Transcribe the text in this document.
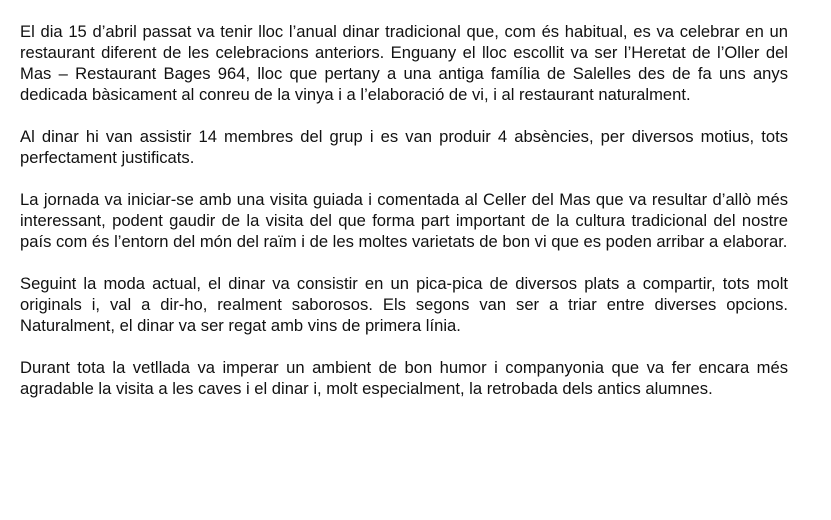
El dia 15 d’abril passat va tenir lloc l’anual dinar tradicional que, com és habitual, es va celebrar en un restaurant diferent de les celebracions anteriors. Enguany el lloc escollit va ser l’Heretat de l’Oller del Mas – Restaurant Bages 964, lloc que pertany a una antiga família de Salelles des de fa uns anys dedicada bàsicament al conreu de la vinya i a l’elaboració de vi, i al restaurant naturalment.

Al dinar hi van assistir 14 membres del grup i es van produir 4 absències, per diversos motius, tots perfectament justificats.

La jornada va iniciar-se amb una visita guiada i comentada al Celler del Mas que va resultar d’allò més interessant, podent gaudir de la visita del que forma part important de la cultura tradicional del nostre país com és l’entorn del món del raïm i de les moltes varietats de bon vi que es poden arribar a elaborar.

Seguint la moda actual, el dinar va consistir en un pica-pica de diversos plats a compartir, tots molt originals i, val a dir-ho, realment saborosos. Els segons van ser a triar entre diverses opcions. Naturalment, el dinar va ser regat amb vins de primera línia.

Durant tota la vetllada va imperar un ambient de bon humor i companyonia que va fer encara més agradable la visita a les caves i el dinar i, molt especialment, la retrobada dels antics alumnes.
